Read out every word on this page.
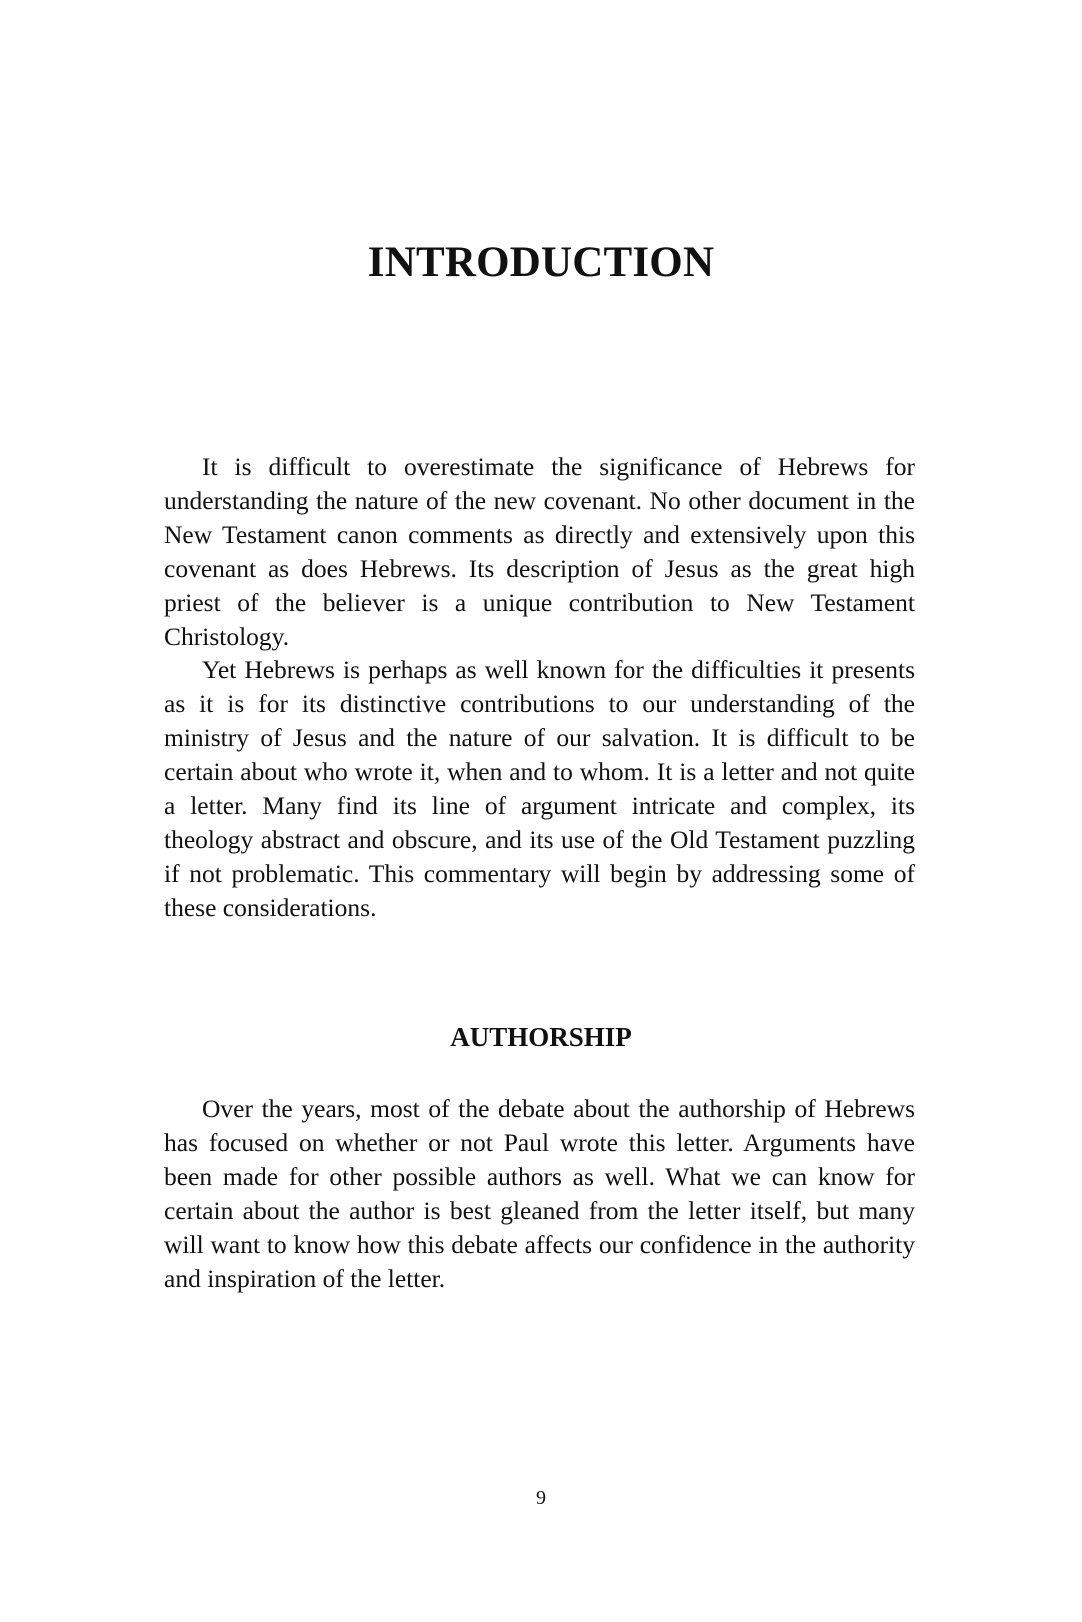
INTRODUCTION

It is difficult to overestimate the significance of Hebrews for understanding the nature of the new covenant. No other document in the New Testament canon comments as directly and extensively upon this covenant as does Hebrews. Its description of Jesus as the great high priest of the believer is a unique contribution to New Testament Christology.

Yet Hebrews is perhaps as well known for the difficulties it presents as it is for its distinctive contributions to our understanding of the ministry of Jesus and the nature of our salvation. It is difficult to be certain about who wrote it, when and to whom. It is a letter and not quite a letter. Many find its line of argument intricate and complex, its theology abstract and obscure, and its use of the Old Testament puzzling if not problematic. This commentary will begin by addressing some of these considerations.

AUTHORSHIP

Over the years, most of the debate about the authorship of Hebrews has focused on whether or not Paul wrote this letter. Arguments have been made for other possible authors as well. What we can know for certain about the author is best gleaned from the letter itself, but many will want to know how this debate affects our confidence in the authority and inspiration of the letter.

9
